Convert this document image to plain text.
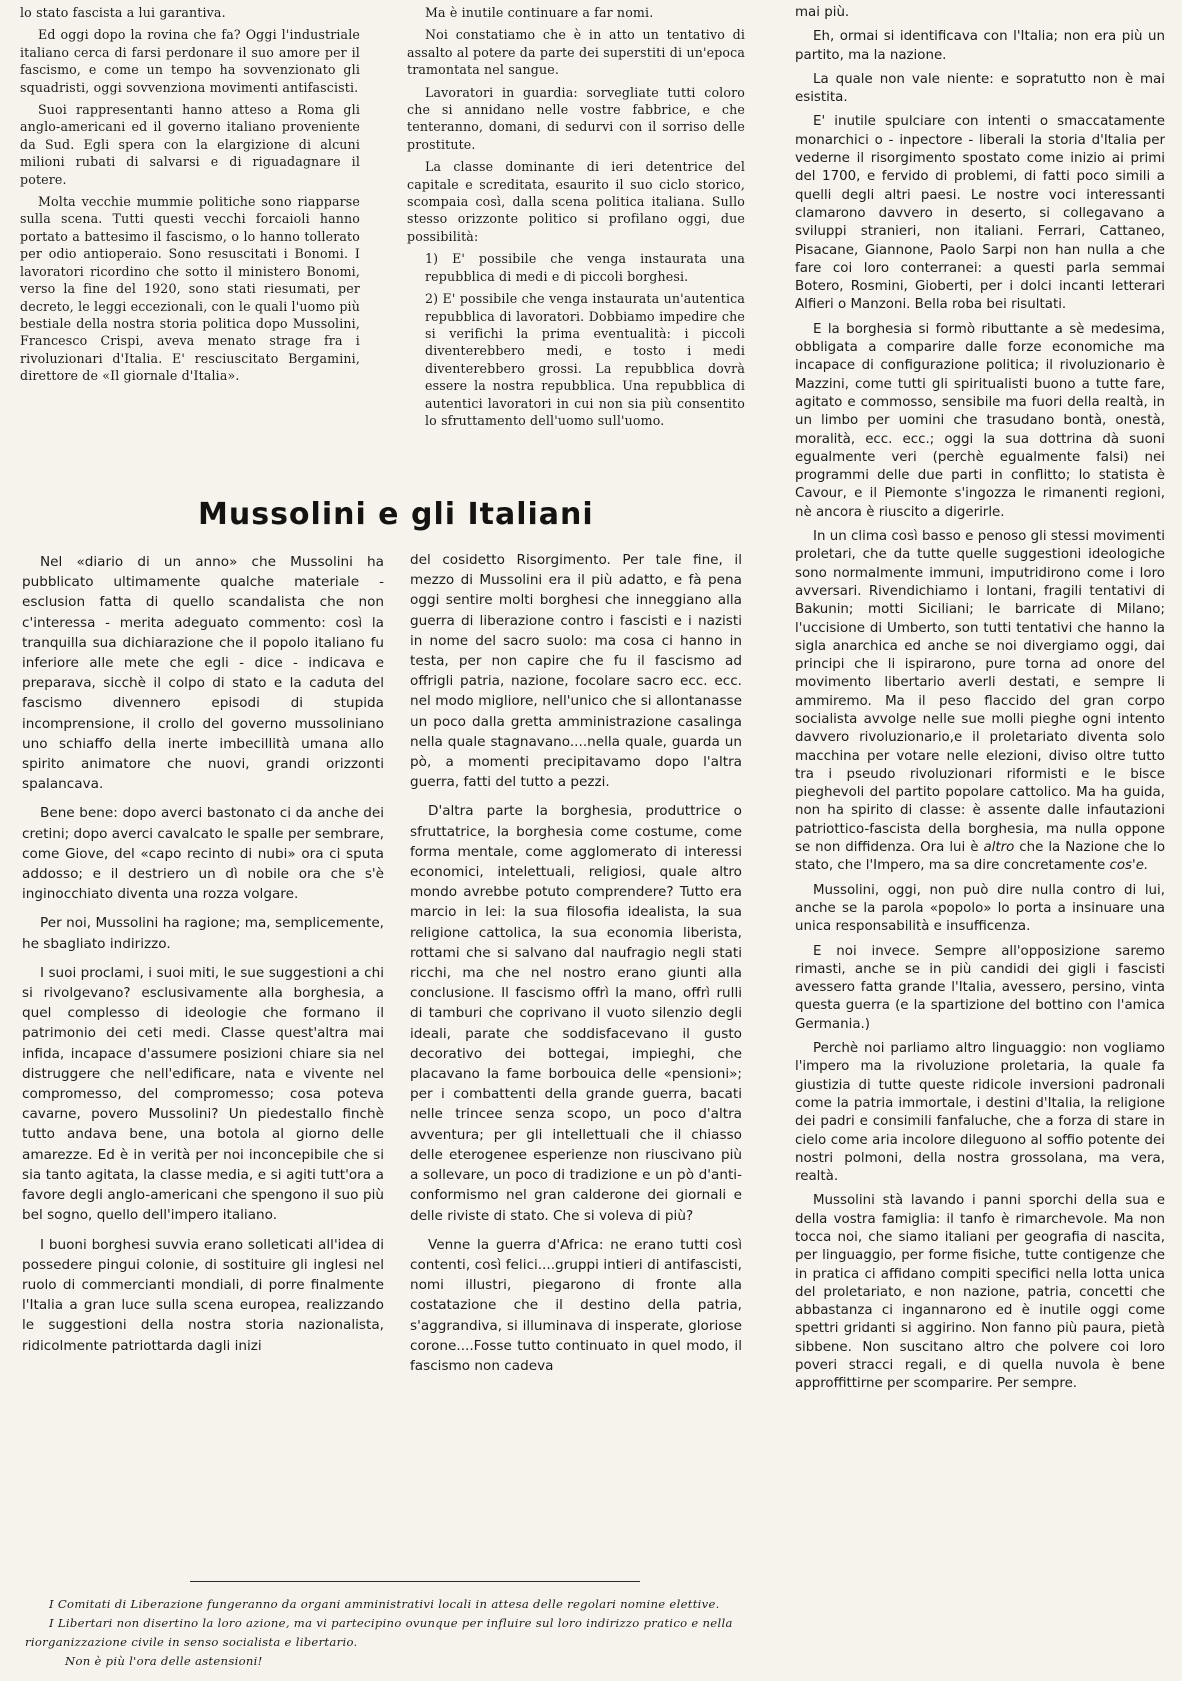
lo stato fascista a lui garantiva.

Ed oggi dopo la rovina che fa? Oggi l'industriale italiano cerca di farsi perdonare il suo amore per il fascismo, e come un tempo ha sovvenzionato gli squadristi, oggi sovvenziona movimenti antifascisti.

Suoi rappresentanti hanno atteso a Roma gli anglo-americani ed il governo italiano proveniente da Sud. Egli spera con la elargizione di alcuni milioni rubati di salvarsi e di riguadagnare il potere.

Molta vecchie mummie politiche sono riapparse sulla scena. Tutti questi vecchi forcaioli hanno portato a battesimo il fascismo, o lo hanno tollerato per odio antioperaio. Sono resuscitati i Bonomi. I lavoratori ricordino che sotto il ministero Bonomi, verso la fine del 1920, sono stati riesumati, per decreto, le leggi eccezionali, con le quali l'uomo più bestiale della nostra storia politica dopo Mussolini, Francesco Crispi, aveva menato strage fra i rivoluzionari d'Italia. E' resciuscitato Bergamini, direttore de «Il giornale d'Italia».

Ma è inutile continuare a far nomi.

Noi constatiamo che è in atto un tentativo di assalto al potere da parte dei superstiti di un'epoca tramontata nel sangue.

Lavoratori in guardia: sorvegliate tutti coloro che si annidano nelle vostre fabbrice, e che tenteranno, domani, di sedurvi con il sorriso delle prostitute.

La classe dominante di ieri detentrice del capitale e screditata, esaurito il suo ciclo storico, scompaia così, dalla scena politica italiana. Sullo stesso orizzonte politico si profilano oggi, due possibilità:

1) E' possibile che venga instaurata una repubblica di medi e di piccoli borghesi.

2) E' possibile che venga instaurata un'autentica repubblica di lavoratori. Dobbiamo impedire che si verifichi la prima eventualità: i piccoli diventerebbero medi, e tosto i medi diventerebbero grossi. La repubblica dovrà essere la nostra repubblica. Una repubblica di autentici lavoratori in cui non sia più consentito lo sfruttamento dell'uomo sull'uomo.

Mussolini e gli Italiani

Nel «diario di un anno» che Mussolini ha pubblicato ultimamente qualche materiale - esclusion fatta di quello scandalista che non c'interessa - merita adeguato commento: così la tranquilla sua dichiarazione che il popolo italiano fu inferiore alle mete che egli - dice - indicava e preparava, sicchè il colpo di stato e la caduta del fascismo divennero episodi di stupida incomprensione, il crollo del governo mussoliniano uno schiaffo della inerte imbecillità umana allo spirito animatore che nuovi, grandi orizzonti spalancava.

Bene bene: dopo averci bastonato ci da anche dei cretini; dopo averci cavalcato le spalle per sembrare, come Giove, del «capo recinto di nubi» ora ci sputa addosso; e il destriero un dì nobile ora che s'è inginocchiato diventa una rozza volgare.

Per noi, Mussolini ha ragione; ma, semplicemente, he sbagliato indirizzo.

I suoi proclami, i suoi miti, le sue suggestioni a chi si rivolgevano? esclusivamente alla borghesia, a quel complesso di ideologie che formano il patrimonio dei ceti medi. Classe quest'altra mai infida, incapace d'assumere posizioni chiare sia nel distruggere che nell'edificare, nata e vivente nel compromesso, del compromesso; cosa poteva cavarne, povero Mussolini? Un piedestallo finchè tutto andava bene, una botola al giorno delle amarezze. Ed è in verità per noi inconcepibile che si sia tanto agitata, la classe media, e si agiti tutt'ora a favore degli anglo-americani che spengono il suo più bel sogno, quello dell'impero italiano.

I buoni borghesi suvvia erano solleticati all'idea di possedere pingui colonie, di sostituire gli inglesi nel ruolo di commercianti mondiali, di porre finalmente l'Italia a gran luce sulla scena europea, realizzando le suggestioni della nostra storia nazionalista, ridicolmente patriottarda dagli inizi

del cosidetto Risorgimento. Per tale fine, il mezzo di Mussolini era il più adatto, e fà pena oggi sentire molti borghesi che inneggiano alla guerra di liberazione contro i fascisti e i nazisti in nome del sacro suolo: ma cosa ci hanno in testa, per non capire che fu il fascismo ad offrigli patria, nazione, focolare sacro ecc. ecc. nel modo migliore, nell'unico che si allontanasse un poco dalla gretta amministrazione casalinga nella quale stagnavano....nella quale, guarda un pò, a momenti precipitavamo dopo l'altra guerra, fatti del tutto a pezzi.

D'altra parte la borghesia, produttrice o sfruttatrice, la borghesia come costume, come forma mentale, come agglomerato di interessi economici, intelettuali, religiosi, quale altro mondo avrebbe potuto comprendere? Tutto era marcio in lei: la sua filosofia idealista, la sua religione cattolica, la sua economia liberista, rottami che si salvano dal naufragio negli stati ricchi, ma che nel nostro erano giunti alla conclusione. Il fascismo offrì la mano, offrì rulli di tamburi che coprivano il vuoto silenzio degli ideali, parate che soddisfacevano il gusto decorativo dei bottegai, impieghi, che placavano la fame borbouica delle «pensioni»; per i combattenti della grande guerra, bacati nelle trincee senza scopo, un poco d'altra avventura; per gli intellettuali che il chiasso delle eterogenee esperienze non riuscivano più a sollevare, un poco di tradizione e un pò d'anti-conformismo nel gran calderone dei giornali e delle riviste di stato. Che si voleva di più?

Venne la guerra d'Africa: ne erano tutti così contenti, così felici....gruppi intieri di antifascisti, nomi illustri, piegarono di fronte alla costatazione che il destino della patria, s'aggrandiva, si illuminava di insperate, gloriose corone....Fosse tutto continuato in quel modo, il fascismo non cadeva

mai più.

Eh, ormai si identificava con l'Italia; non era più un partito, ma la nazione.

La quale non vale niente: e sopratutto non è mai esistita.

E' inutile spulciare con intenti o smaccatamente monarchici o - inpectore - liberali la storia d'Italia per vederne il risorgimento spostato come inizio ai primi del 1700, e fervido di problemi, di fatti poco simili a quelli degli altri paesi. Le nostre voci interessanti clamarono davvero in deserto, si collegavano a sviluppi stranieri, non italiani. Ferrari, Cattaneo, Pisacane, Giannone, Paolo Sarpi non han nulla a che fare coi loro conterranei: a questi parla semmai Botero, Rosmini, Gioberti, per i dolci incanti letterari Alfieri o Manzoni. Bella roba bei risultati.

E la borghesia si formò ributtante a sè medesima, obbligata a comparire dalle forze economiche ma incapace di configurazione politica; il rivoluzionario è Mazzini, come tutti gli spiritualisti buono a tutte fare, agitato e commosso, sensibile ma fuori della realtà, in un limbo per uomini che trasudano bontà, onestà, moralità, ecc. ecc.; oggi la sua dottrina dà suoni egualmente veri (perchè egualmente falsi) nei programmi delle due parti in conflitto; lo statista è Cavour, e il Piemonte s'ingozza le rimanenti regioni, nè ancora è riuscito a digerirle.

In un clima così basso e penoso gli stessi movimenti proletari, che da tutte quelle suggestioni ideologiche sono normalmente immuni, imputridirono come i loro avversari. Rivendichiamo i lontani, fragili tentativi di Bakunin; motti Siciliani; le barricate di Milano; l'uccisione di Umberto, son tutti tentativi che hanno la sigla anarchica ed anche se noi divergiamo oggi, dai principi che li ispirarono, pure torna ad onore del movimento libertario averli destati, e sempre li ammiremo. Ma il peso flaccido del gran corpo socialista avvolge nelle sue molli pieghe ogni intento davvero rivoluzionario,e il proletariato diventa solo macchina per votare nelle elezioni, diviso oltre tutto tra i pseudo rivoluzionari riformisti e le bisce pieghevoli del partito popolare cattolico. Ma ha guida, non ha spirito di classe: è assente dalle infautazioni patriottico-fascista della borghesia, ma nulla oppone se non diffidenza. Ora lui è altro che la Nazione che lo stato, che l'Impero, ma sa dire concretamente cos'e.

Mussolini, oggi, non può dire nulla contro di lui, anche se la parola «popolo» lo porta a insinuare una unica responsabilità e insufficenza.

E noi invece. Sempre all'opposizione saremo rimasti, anche se in più candidi dei gigli i fascisti avessero fatta grande l'Italia, avessero, persino, vinta questa guerra (e la spartizione del bottino con l'amica Germania.)

Perchè noi parliamo altro linguaggio: non vogliamo l'impero ma la rivoluzione proletaria, la quale fa giustizia di tutte queste ridicole inversioni padronali come la patria immortale, i destini d'Italia, la religione dei padri e consimili fanfaluche, che a forza di stare in cielo come aria incolore dileguono al soffio potente dei nostri polmoni, della nostra grossolana, ma vera, realtà.

Mussolini stà lavando i panni sporchi della sua e della vostra famiglia: il tanfo è rimarchevole. Ma non tocca noi, che siamo italiani per geografia di nascita, per linguaggio, per forme fisiche, tutte contigenze che in pratica ci affidano compiti specifici nella lotta unica del proletariato, e non nazione, patria, concetti che abbastanza ci ingannarono ed è inutile oggi come spettri gridanti si aggirino. Non fanno più paura, pietà sibbene. Non suscitano altro che polvere coi loro poveri stracci regali, e di quella nuvola è bene approffittirne per scomparire. Per sempre.

I Comitati di Liberazione fungeranno da organi amministrativi locali in attesa delle regolari nomine elettive.

I Libertari non disertino la loro azione, ma vi partecipino ovunque per influire sul loro indirizzo pratico e nella riorganizzazione civile in senso socialista e libertario.

Non è più l'ora delle astensioni!
